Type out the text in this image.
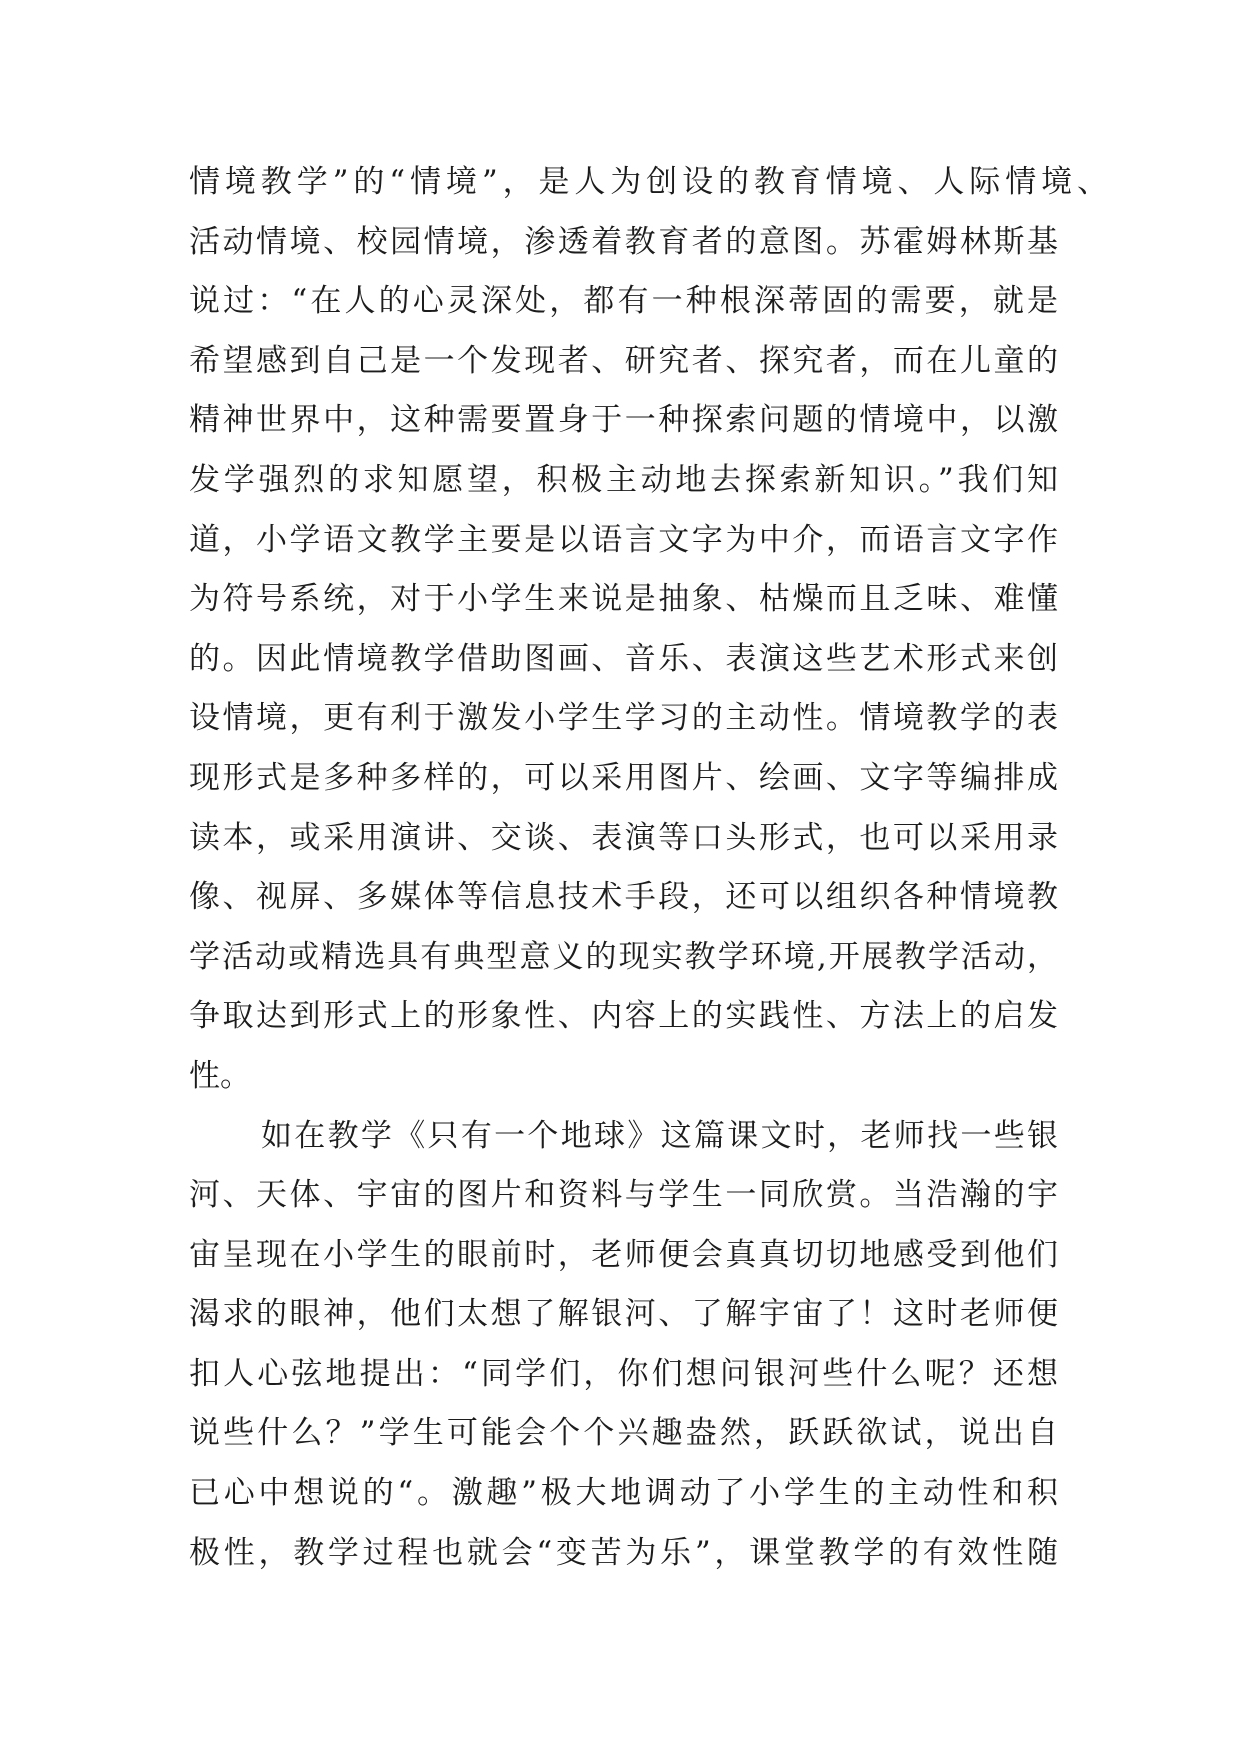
情境教学”的“情境”，是人为创设的教育情境、人际情境、
活动情境、校园情境，渗透着教育者的意图。苏霍姆林斯基
说过：“在人的心灵深处，都有一种根深蒂固的需要，就是
希望感到自己是一个发现者、研究者、探究者，而在儿童的
精神世界中，这种需要置身于一种探索问题的情境中，以激
发学强烈的求知愿望，积极主动地去探索新知识。”我们知
道，小学语文教学主要是以语言文字为中介，而语言文字作
为符号系统，对于小学生来说是抽象、枯燥而且乏味、难懂
的。因此情境教学借助图画、音乐、表演这些艺术形式来创
设情境，更有利于激发小学生学习的主动性。情境教学的表
现形式是多种多样的，可以采用图片、绘画、文字等编排成
读本，或采用演讲、交谈、表演等口头形式，也可以采用录
像、视屏、多媒体等信息技术手段，还可以组织各种情境教
学活动或精选具有典型意义的现实教学环境,开展教学活动，
争取达到形式上的形象性、内容上的实践性、方法上的启发
性。
如在教学《只有一个地球》这篇课文时，老师找一些银
河、天体、宇宙的图片和资料与学生一同欣赏。当浩瀚的宇
宙呈现在小学生的眼前时，老师便会真真切切地感受到他们
渴求的眼神，他们太想了解银河、了解宇宙了！这时老师便
扣人心弦地提出：“同学们，你们想问银河些什么呢？还想
说些什么？”学生可能会个个兴趣盎然，跃跃欲试，说出自
已心中想说的“。激趣”极大地调动了小学生的主动性和积
极性，教学过程也就会“变苦为乐”，课堂教学的有效性随
